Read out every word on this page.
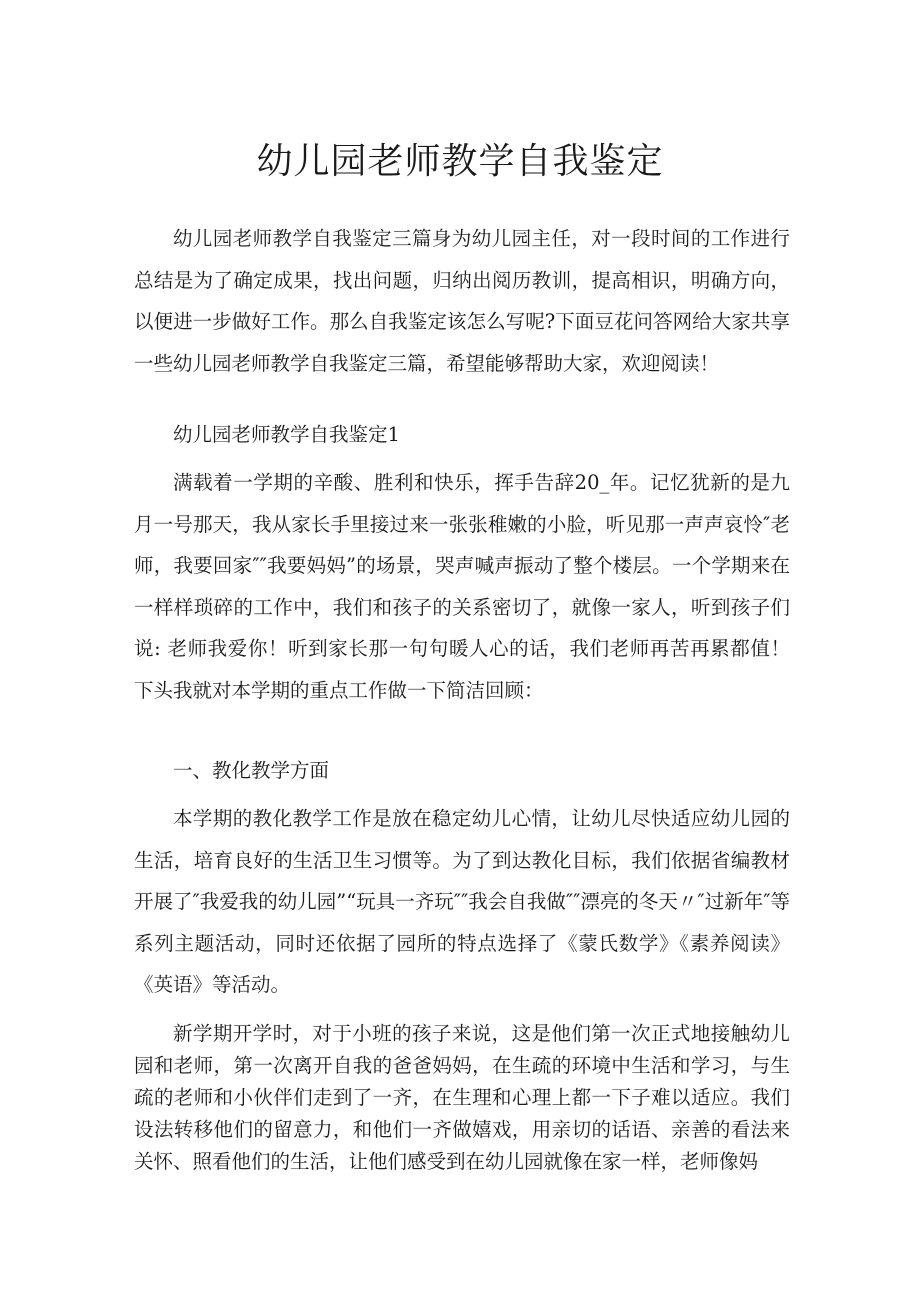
幼儿园老师教学自我鉴定

幼儿园老师教学自我鉴定三篇身为幼儿园主任，对一段时间的工作进行总结是为了确定成果，找出问题，归纳出阅历教训，提高相识，明确方向，以便进一步做好工作。那么自我鉴定该怎么写呢?下面豆花问答网给大家共享一些幼儿园老师教学自我鉴定三篇，希望能够帮助大家，欢迎阅读！

幼儿园老师教学自我鉴定1

满载着一学期的辛酸、胜利和快乐，挥手告辞20_年。记忆犹新的是九月一号那天，我从家长手里接过来一张张稚嫩的小脸，听见那一声声哀怜″老师，我要回家″″我要妈妈”的场景，哭声喊声振动了整个楼层。一个学期来在一样样琐碎的工作中，我们和孩子的关系密切了，就像一家人，听到孩子们说: 老师我爱你！听到家长那一句句暖人心的话，我们老师再苦再累都值！下头我就对本学期的重点工作做一下简洁回顾：

一、教化教学方面

本学期的教化教学工作是放在稳定幼儿心情，让幼儿尽快适应幼儿园的生活，培育良好的生活卫生习惯等。为了到达教化目标，我们依据省编教材开展了″我爱我的幼儿园”“玩具一齐玩″″我会自我做″″漂亮的冬天〃″过新年″等系列主题活动，同时还依据了园所的特点选择了《蒙氏数学》《素养阅读》《英语》等活动。

新学期开学时，对于小班的孩子来说，这是他们第一次正式地接触幼儿园和老师，第一次离开自我的爸爸妈妈，在生疏的环境中生活和学习，与生疏的老师和小伙伴们走到了一齐，在生理和心理上都一下子难以适应。我们设法转移他们的留意力，和他们一齐做嬉戏，用亲切的话语、亲善的看法来关怀、照看他们的生活，让他们感受到在幼儿园就像在家一样，老师像妈
